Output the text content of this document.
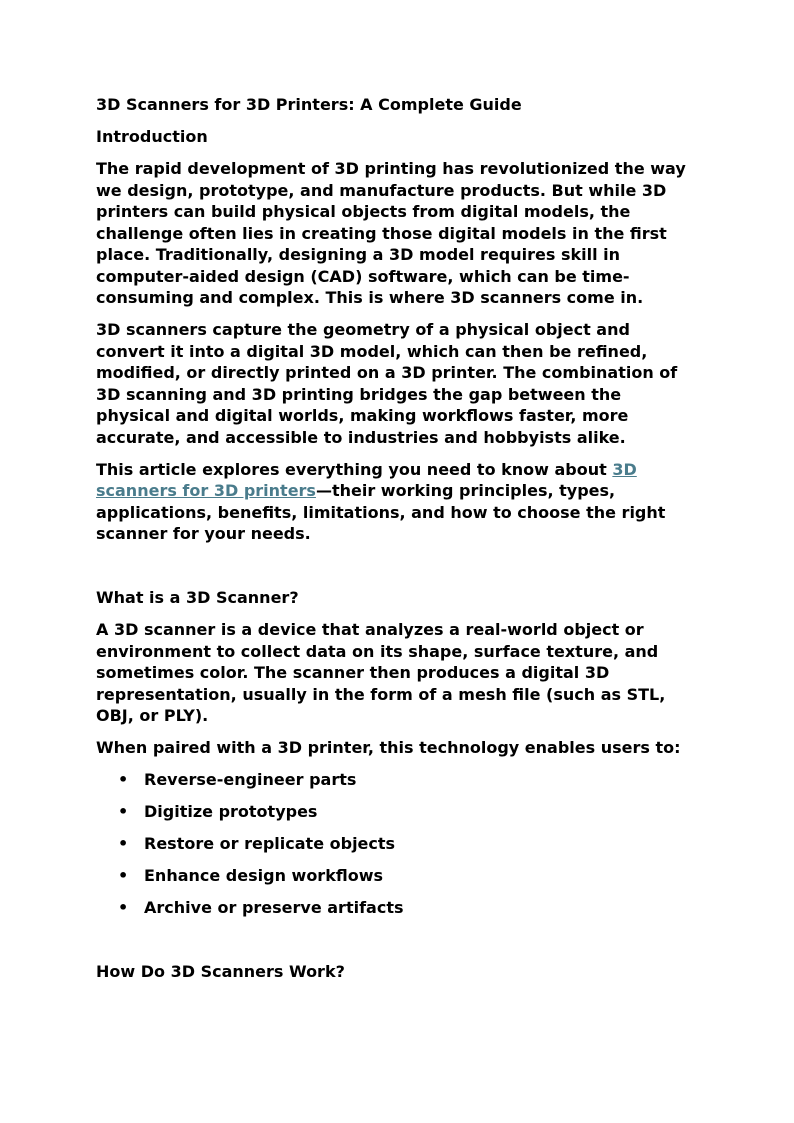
3D Scanners for 3D Printers: A Complete Guide

Introduction

The rapid development of 3D printing has revolutionized the way we design, prototype, and manufacture products. But while 3D printers can build physical objects from digital models, the challenge often lies in creating those digital models in the first place. Traditionally, designing a 3D model requires skill in computer-aided design (CAD) software, which can be time-consuming and complex. This is where 3D scanners come in.

3D scanners capture the geometry of a physical object and convert it into a digital 3D model, which can then be refined, modified, or directly printed on a 3D printer. The combination of 3D scanning and 3D printing bridges the gap between the physical and digital worlds, making workflows faster, more accurate, and accessible to industries and hobbyists alike.

This article explores everything you need to know about 3D scanners for 3D printers—their working principles, types, applications, benefits, limitations, and how to choose the right scanner for your needs.

What is a 3D Scanner?

A 3D scanner is a device that analyzes a real-world object or environment to collect data on its shape, surface texture, and sometimes color. The scanner then produces a digital 3D representation, usually in the form of a mesh file (such as STL, OBJ, or PLY).

When paired with a 3D printer, this technology enables users to:

• Reverse-engineer parts
• Digitize prototypes
• Restore or replicate objects
• Enhance design workflows
• Archive or preserve artifacts

How Do 3D Scanners Work?
